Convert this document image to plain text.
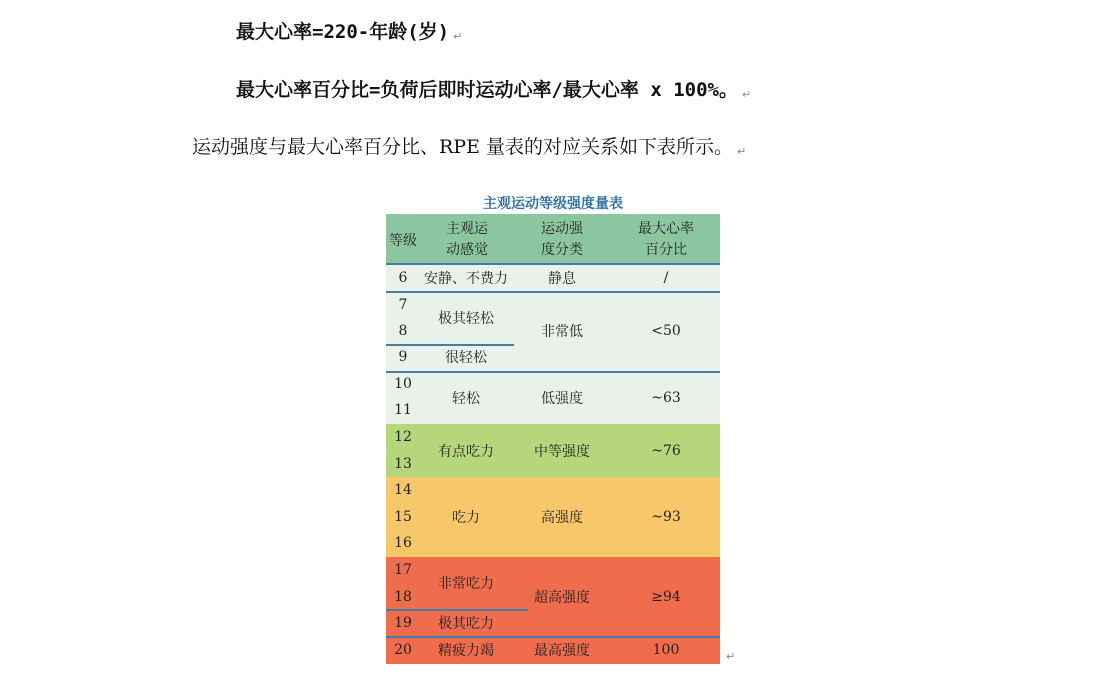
最大心率=220-年龄(岁) ↵
最大心率百分比=负荷后即时运动心率/最大心率 x 100%。 ↵
运动强度与最大心率百分比、RPE 量表的对应关系如下表所示。 ↵
主观运动等级强度量表
等级
主观运
动感觉
运动强
度分类
最大心率
百分比
6
7
8
9
10
11
12
13
14
15
16
17
18
19
20
安静、不费力
极其轻松
很轻松
轻松
有点吃力
吃力
非常吃力
极其吃力
精疲力竭
静息
非常低
低强度
中等强度
高强度
超高强度
最高强度
/
<50
~63
~76
~93
≥94
100	↵
